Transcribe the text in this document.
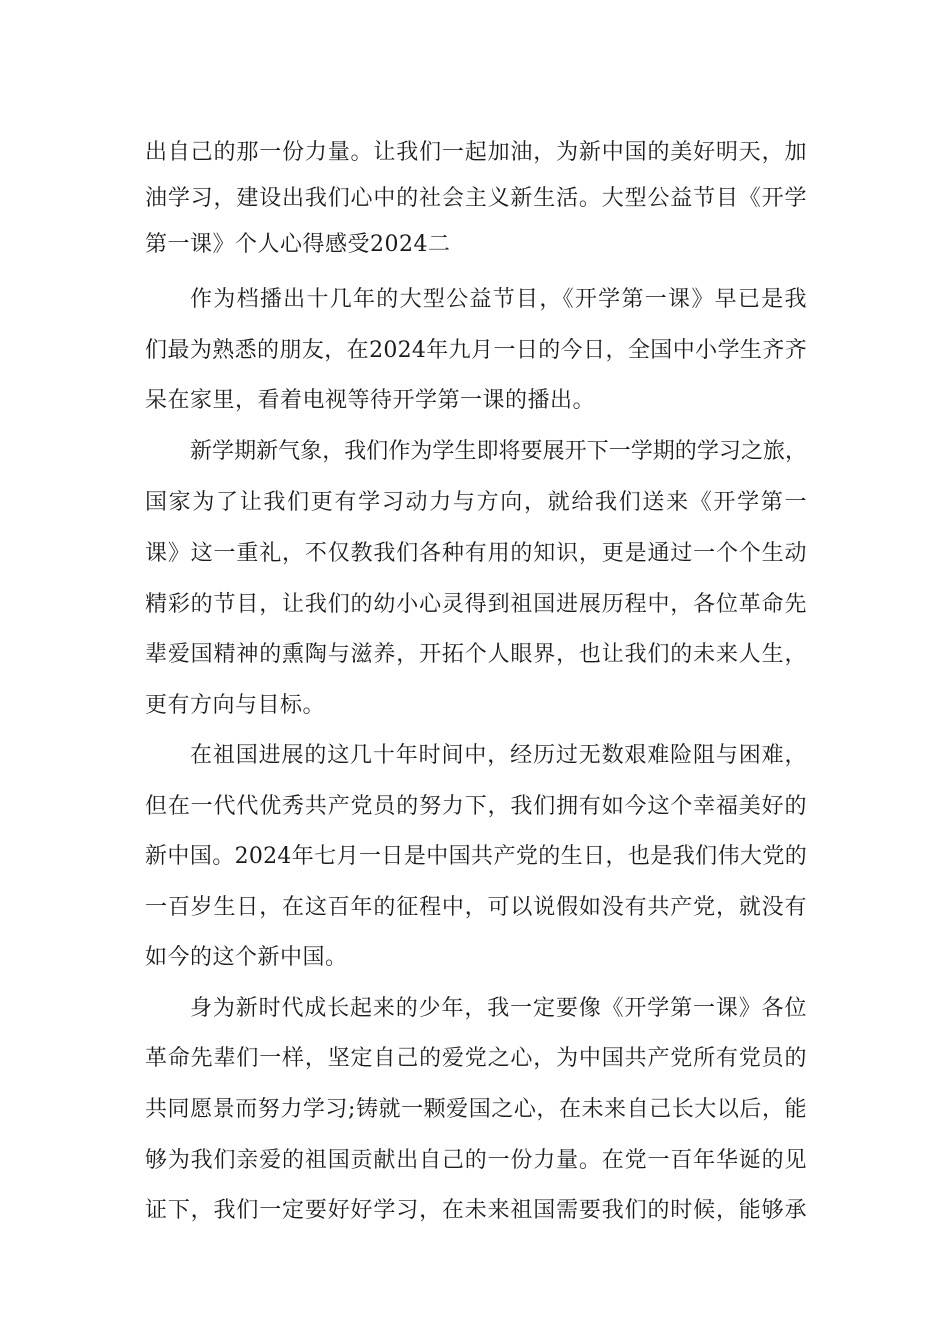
出自己的那一份力量。让我们一起加油，为新中国的美好明天，加
油学习，建设出我们心中的社会主义新生活。大型公益节目《开学
第一课》个人心得感受2024二
作为档播出十几年的大型公益节目，《开学第一课》早已是我
们最为熟悉的朋友，在2024年九月一日的今日，全国中小学生齐齐
呆在家里，看着电视等待开学第一课的播出。
新学期新气象，我们作为学生即将要展开下一学期的学习之旅，
国家为了让我们更有学习动力与方向，就给我们送来《开学第一
课》这一重礼，不仅教我们各种有用的知识，更是通过一个个生动
精彩的节目，让我们的幼小心灵得到祖国进展历程中，各位革命先
辈爱国精神的熏陶与滋养，开拓个人眼界，也让我们的未来人生，
更有方向与目标。
在祖国进展的这几十年时间中，经历过无数艰难险阻与困难，
但在一代代优秀共产党员的努力下，我们拥有如今这个幸福美好的
新中国。2024年七月一日是中国共产党的生日，也是我们伟大党的
一百岁生日，在这百年的征程中，可以说假如没有共产党，就没有
如今的这个新中国。
身为新时代成长起来的少年，我一定要像《开学第一课》各位
革命先辈们一样，坚定自己的爱党之心，为中国共产党所有党员的
共同愿景而努力学习;铸就一颗爱国之心，在未来自己长大以后，能
够为我们亲爱的祖国贡献出自己的一份力量。在党一百年华诞的见
证下，我们一定要好好学习，在未来祖国需要我们的时候，能够承
